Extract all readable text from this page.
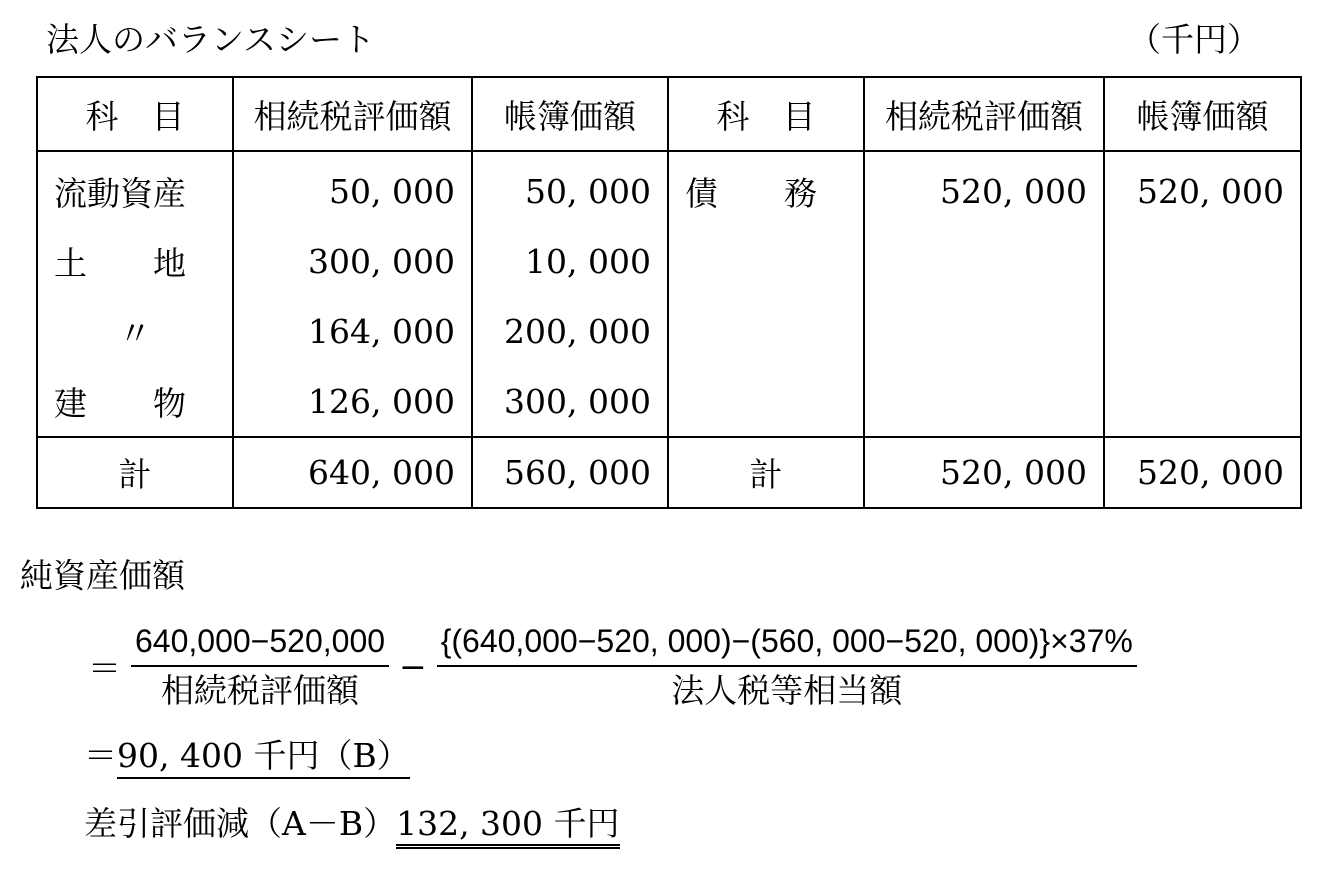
法人のバランスシート	（千円）
科　目	相続税評価額	帳簿価額	科　目	相続税評価額	帳簿価額
流動資産	50, 000	50, 000	債　　務	520, 000	520, 000
土　　地	300, 000	10, 000			
〃	164, 000	200, 000			
建　　物	126, 000	300, 000			
計	640, 000	560, 000	計	520, 000	520, 000
純資産価額
＝ $\frac{640,000-520,000}{\text{相続税評価額}} - \frac{\{(640,000-520, 000)-(560, 000-520, 000)\}\times 37\%}{\text{法人税等相当額}}$
＝90, 400 千円（B）
差引評価減（A－B）132, 300 千円
